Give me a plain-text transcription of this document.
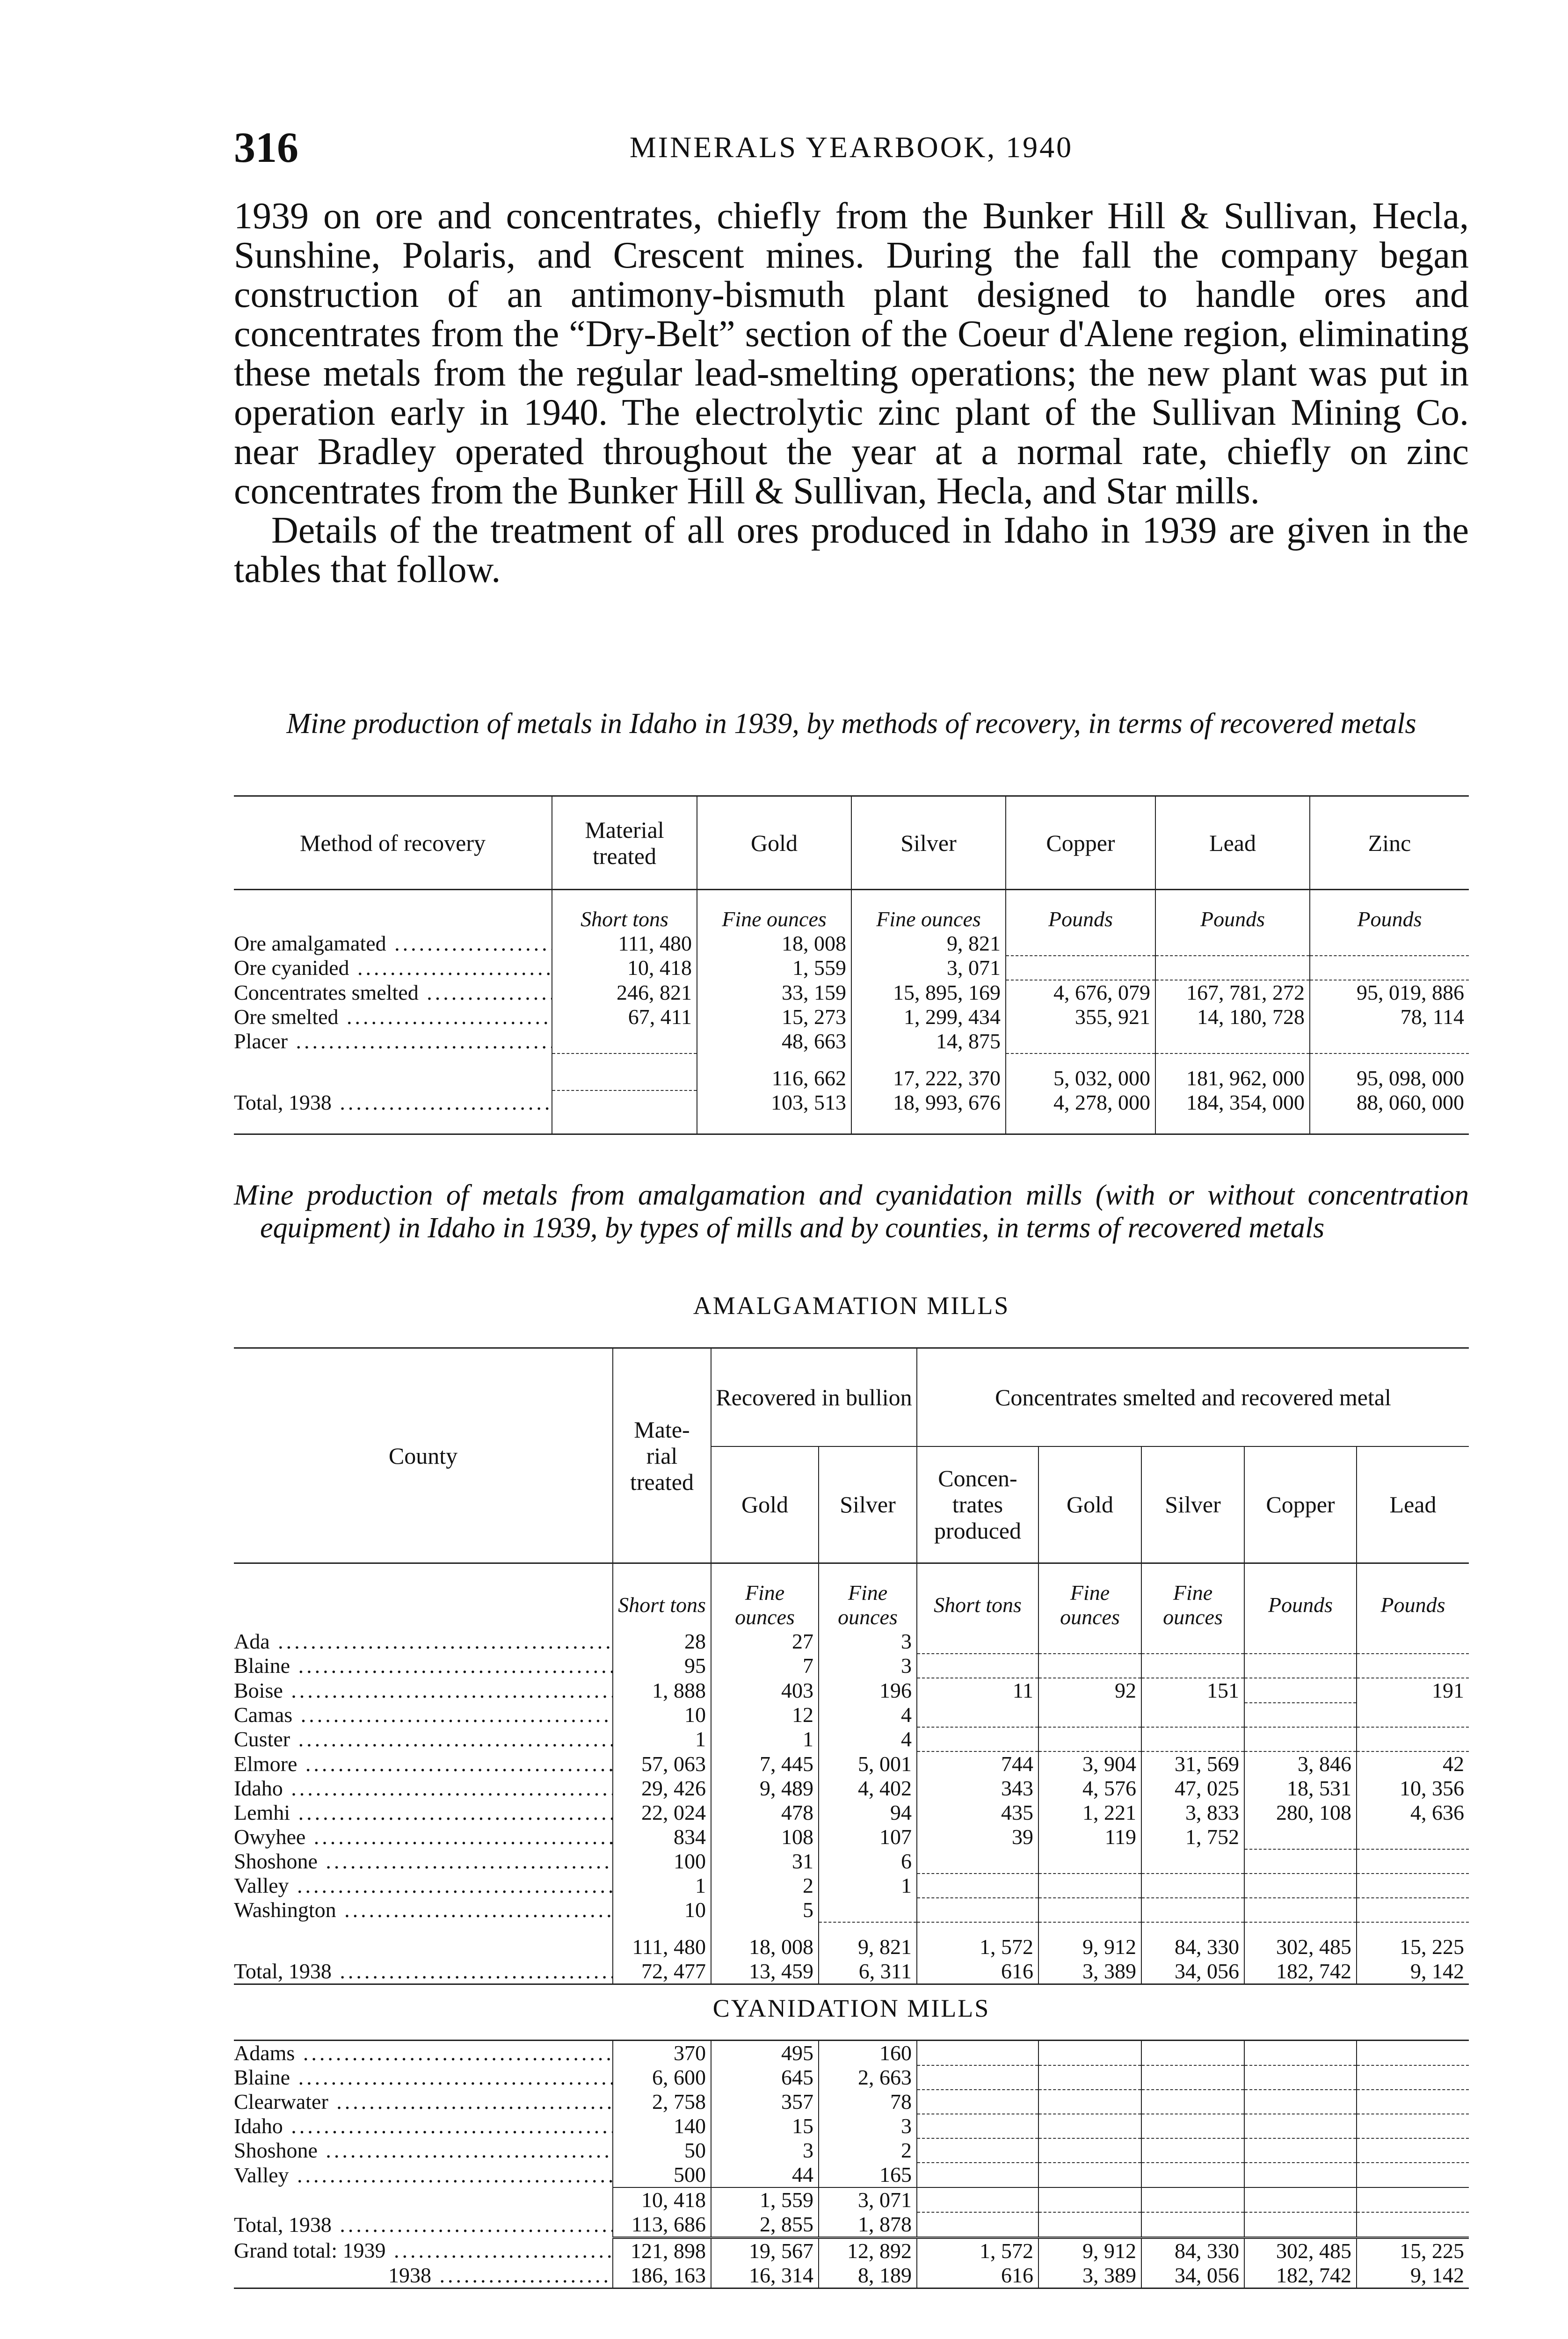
316	MINERALS YEARBOOK, 1940

1939 on ore and concentrates, chiefly from the Bunker Hill & Sullivan, Hecla, Sunshine, Polaris, and Crescent mines. During the fall the company began construction of an antimony-bismuth plant designed to handle ores and concentrates from the “Dry-Belt” section of the Coeur d'Alene region, eliminating these metals from the regular lead-smelting operations; the new plant was put in operation early in 1940. The electrolytic zinc plant of the Sullivan Mining Co. near Bradley operated throughout the year at a normal rate, chiefly on zinc concentrates from the Bunker Hill & Sullivan, Hecla, and Star mills.

Details of the treatment of all ores produced in Idaho in 1939 are given in the tables that follow.

Mine production of metals in Idaho in 1939, by methods of recovery, in terms of recovered metals
Method of recovery	Material treated	Gold	Silver	Copper	Lead	Zinc
	Short tons	Fine ounces	Fine ounces	Pounds	Pounds	Pounds
Ore amalgamated .....	111, 480	18, 008	9, 821			
Ore cyanided .....	10, 418	1, 559	3, 071			
Concentrates smelted .....	246, 821	33, 159	15, 895, 169	4, 676, 079	167, 781, 272	95, 019, 886
Ore smelted .....	67, 411	15, 273	1, 299, 434	355, 921	14, 180, 728	78, 114
Placer .....		48, 663	14, 875			
		116, 662	17, 222, 370	5, 032, 000	181, 962, 000	95, 098, 000
Total, 1938 .....		103, 513	18, 993, 676	4, 278, 000	184, 354, 000	88, 060, 000
Mine production of metals from amalgamation and cyanidation mills (with or without concentration equipment) in Idaho in 1939, by types of mills and by counties, in terms of recovered metals
AMALGAMATION MILLS
County	Mate- rial treated	Recovered in bullion		Concentrates smelted and recovered metal				
		Gold	Silver	Concen- trates produced	Gold	Silver	Copper	Lead
	Short tons	Fine ounces	Fine ounces	Short tons	Fine ounces	Fine ounces	Pounds	Pounds
Ada .....	28	27	3					
Blaine .....	95	7	3					
Boise .....	1, 888	403	196	11	92	151		191
Camas .....	10	12	4					
Custer .....	1	1	4					
Elmore .....	57, 063	7, 445	5, 001	744	3, 904	31, 569	3, 846	42
Idaho .....	29, 426	9, 489	4, 402	343	4, 576	47, 025	18, 531	10, 356
Lemhi .....	22, 024	478	94	435	1, 221	3, 833	280, 108	4, 636
Owyhee .....	834	108	107	39	119	1, 752		
Shoshone .....	100	31	6					
Valley .....	1	2	1					
Washington .....	10	5						
	111, 480	18, 008	9, 821	1, 572	9, 912	84, 330	302, 485	15, 225
Total, 1938 .....	72, 477	13, 459	6, 311	616	3, 389	34, 056	182, 742	9, 142
CYANIDATION MILLS
Adams .....	370	495	160					
Blaine .....	6, 600	645	2, 663					
Clearwater .....	2, 758	357	78					
Idaho .....	140	15	3					
Shoshone .....	50	3	2					
Valley .....	500	44	165					
	10, 418	1, 559	3, 071					
Total, 1938 .....	113, 686	2, 855	1, 878					
Grand total: 1939 .....	121, 898	19, 567	12, 892	1, 572	9, 912	84, 330	302, 485	15, 225
1938 .....	186, 163	16, 314	8, 189	616	3, 389	34, 056	182, 742	9, 142
